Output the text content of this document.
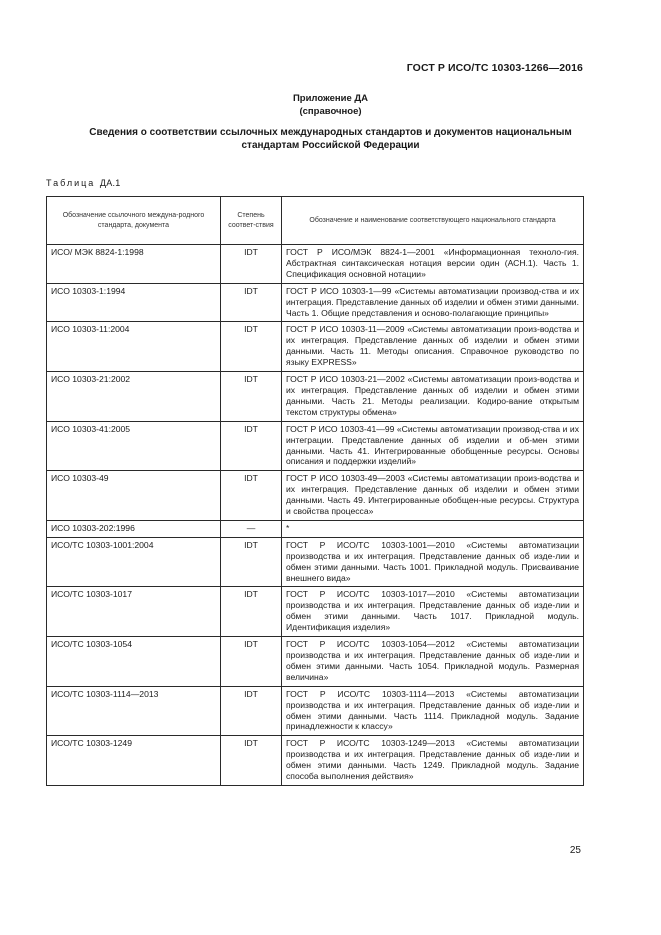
ГОСТ Р ИСО/ТС 10303-1266—2016
Приложение ДА
(справочное)
Сведения о соответствии ссылочных международных стандартов и документов национальным
стандартам Российской Федерации
Таблица ДА.1
Обозначение ссылочного междуна-родного стандарта, документа	Степень соответ-ствия	Обозначение и наименование соответствующего национального стандарта
ИСО/ МЭК 8824-1:1998	IDT	ГОСТ Р ИСО/МЭК 8824-1—2001 «Информационная техноло-гия. Абстрактная синтаксическая нотация версии один (АСН.1). Часть 1. Спецификация основной нотации»
ИСО 10303-1:1994	IDT	ГОСТ Р ИСО 10303-1—99 «Системы автоматизации производ-ства и их интеграция. Представление данных об изделии и обмен этими данными. Часть 1. Общие представления и осново-полагающие принципы»
ИСО 10303-11:2004	IDT	ГОСТ Р ИСО 10303-11—2009 «Системы автоматизации произ-водства и их интеграция. Представление данных об изделии и обмен этими данными. Часть 11. Методы описания. Справочное руководство по языку EXPRESS»
ИСО 10303-21:2002	IDT	ГОСТ Р ИСО 10303-21—2002 «Системы автоматизации произ-водства и их интеграция. Представление данных об изделии и обмен этими данными. Часть 21. Методы реализации. Кодиро-вание открытым текстом структуры обмена»
ИСО 10303-41:2005	IDT	ГОСТ Р ИСО 10303-41—99 «Системы автоматизации производ-ства и их интеграции. Представление данных об изделии и об-мен этими данными. Часть 41. Интегрированные обобщенные ресурсы. Основы описания и поддержки изделий»
ИСО 10303-49	IDT	ГОСТ Р ИСО 10303-49—2003 «Системы автоматизации произ-водства и их интеграция. Представление данных об изделии и обмен этими данными. Часть 49. Интегрированные обобщен-ные ресурсы. Структура и свойства процесса»
ИСО 10303-202:1996	—	*
ИСО/ТС 10303-1001:2004	IDT	ГОСТ Р ИСО/ТС 10303-1001—2010 «Системы автоматизации производства и их интеграция. Представление данных об изде-лии и обмен этими данными. Часть 1001. Прикладной модуль. Присваивание внешнего вида»
ИСО/ТС 10303-1017	IDT	ГОСТ Р ИСО/ТС 10303-1017—2010 «Системы автоматизации производства и их интеграция. Представление данных об изде-лии и обмен этими данными. Часть 1017. Прикладной модуль. Идентификация изделия»
ИСО/ТС 10303-1054	IDT	ГОСТ Р ИСО/ТС 10303-1054—2012 «Системы автоматизации производства и их интеграция. Представление данных об изде-лии и обмен этими данными. Часть 1054. Прикладной модуль. Размерная величина»
ИСО/ТС 10303-1114—2013	IDT	ГОСТ Р ИСО/ТС 10303-1114—2013 «Системы автоматизации производства и их интеграция. Представление данных об изде-лии и обмен этими данными. Часть 1114. Прикладной модуль. Задание принадлежности к классу»
ИСО/ТС 10303-1249	IDT	ГОСТ Р ИСО/ТС 10303-1249—2013 «Системы автоматизации производства и их интеграция. Представление данных об изде-лии и обмен этими данными. Часть 1249. Прикладной модуль. Задание способа выполнения действия»
25
